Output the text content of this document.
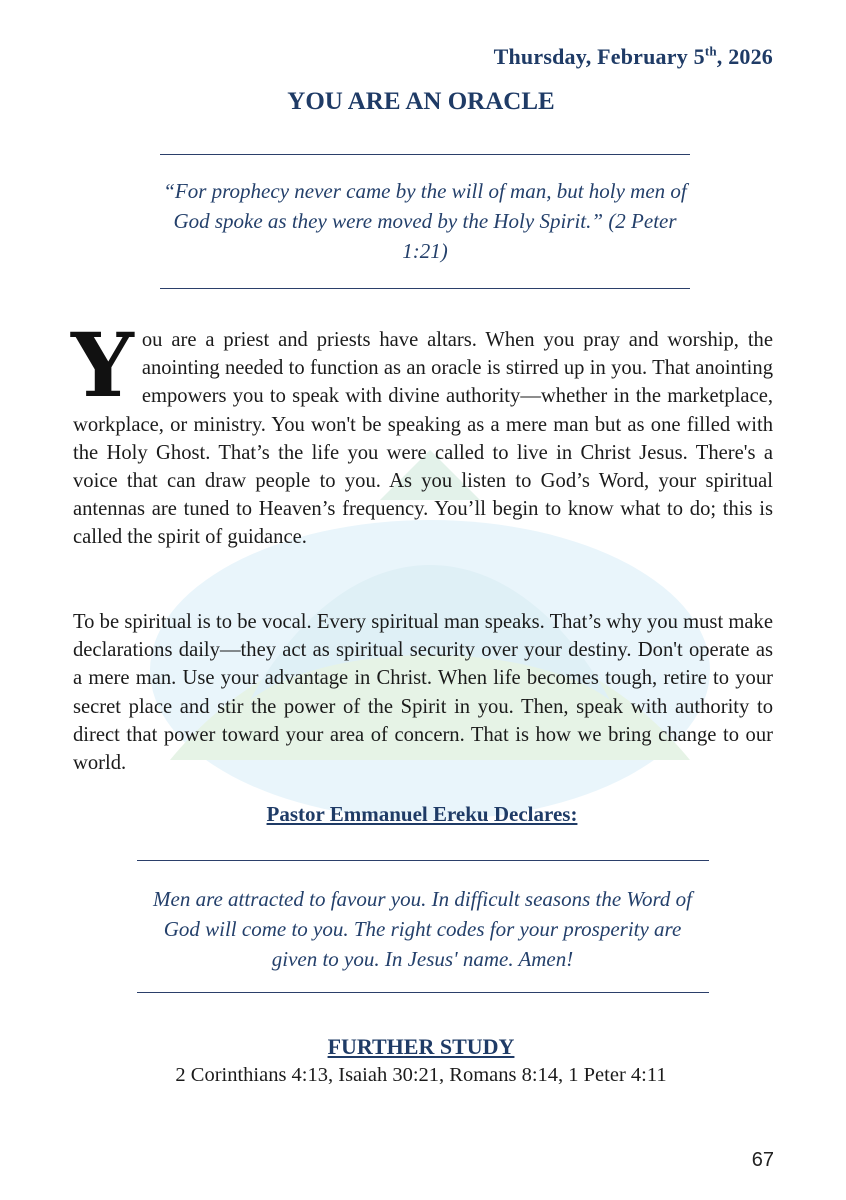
Thursday, February 5th, 2026
YOU ARE AN ORACLE
“For prophecy never came by the will of man, but holy men of God spoke as they were moved by the Holy Spirit.” (2 Peter 1:21)
You are a priest and priests have altars. When you pray and worship, the anointing needed to function as an oracle is stirred up in you. That anointing empowers you to speak with divine authority—whether in the marketplace, workplace, or ministry. You won't be speaking as a mere man but as one filled with the Holy Ghost. That’s the life you were called to live in Christ Jesus. There's a voice that can draw people to you. As you listen to God’s Word, your spiritual antennas are tuned to Heaven’s frequency. You’ll begin to know what to do; this is called the spirit of guidance.
To be spiritual is to be vocal. Every spiritual man speaks. That’s why you must make declarations daily—they act as spiritual security over your destiny. Don't operate as a mere man. Use your advantage in Christ. When life becomes tough, retire to your secret place and stir the power of the Spirit in you. Then, speak with authority to direct that power toward your area of concern. That is how we bring change to our world.
Pastor Emmanuel Ereku Declares:
Men are attracted to favour you. In difficult seasons the Word of God will come to you. The right codes for your prosperity are given to you. In Jesus' name. Amen!
FURTHER STUDY
2 Corinthians 4:13, Isaiah 30:21, Romans 8:14, 1 Peter 4:11
67
